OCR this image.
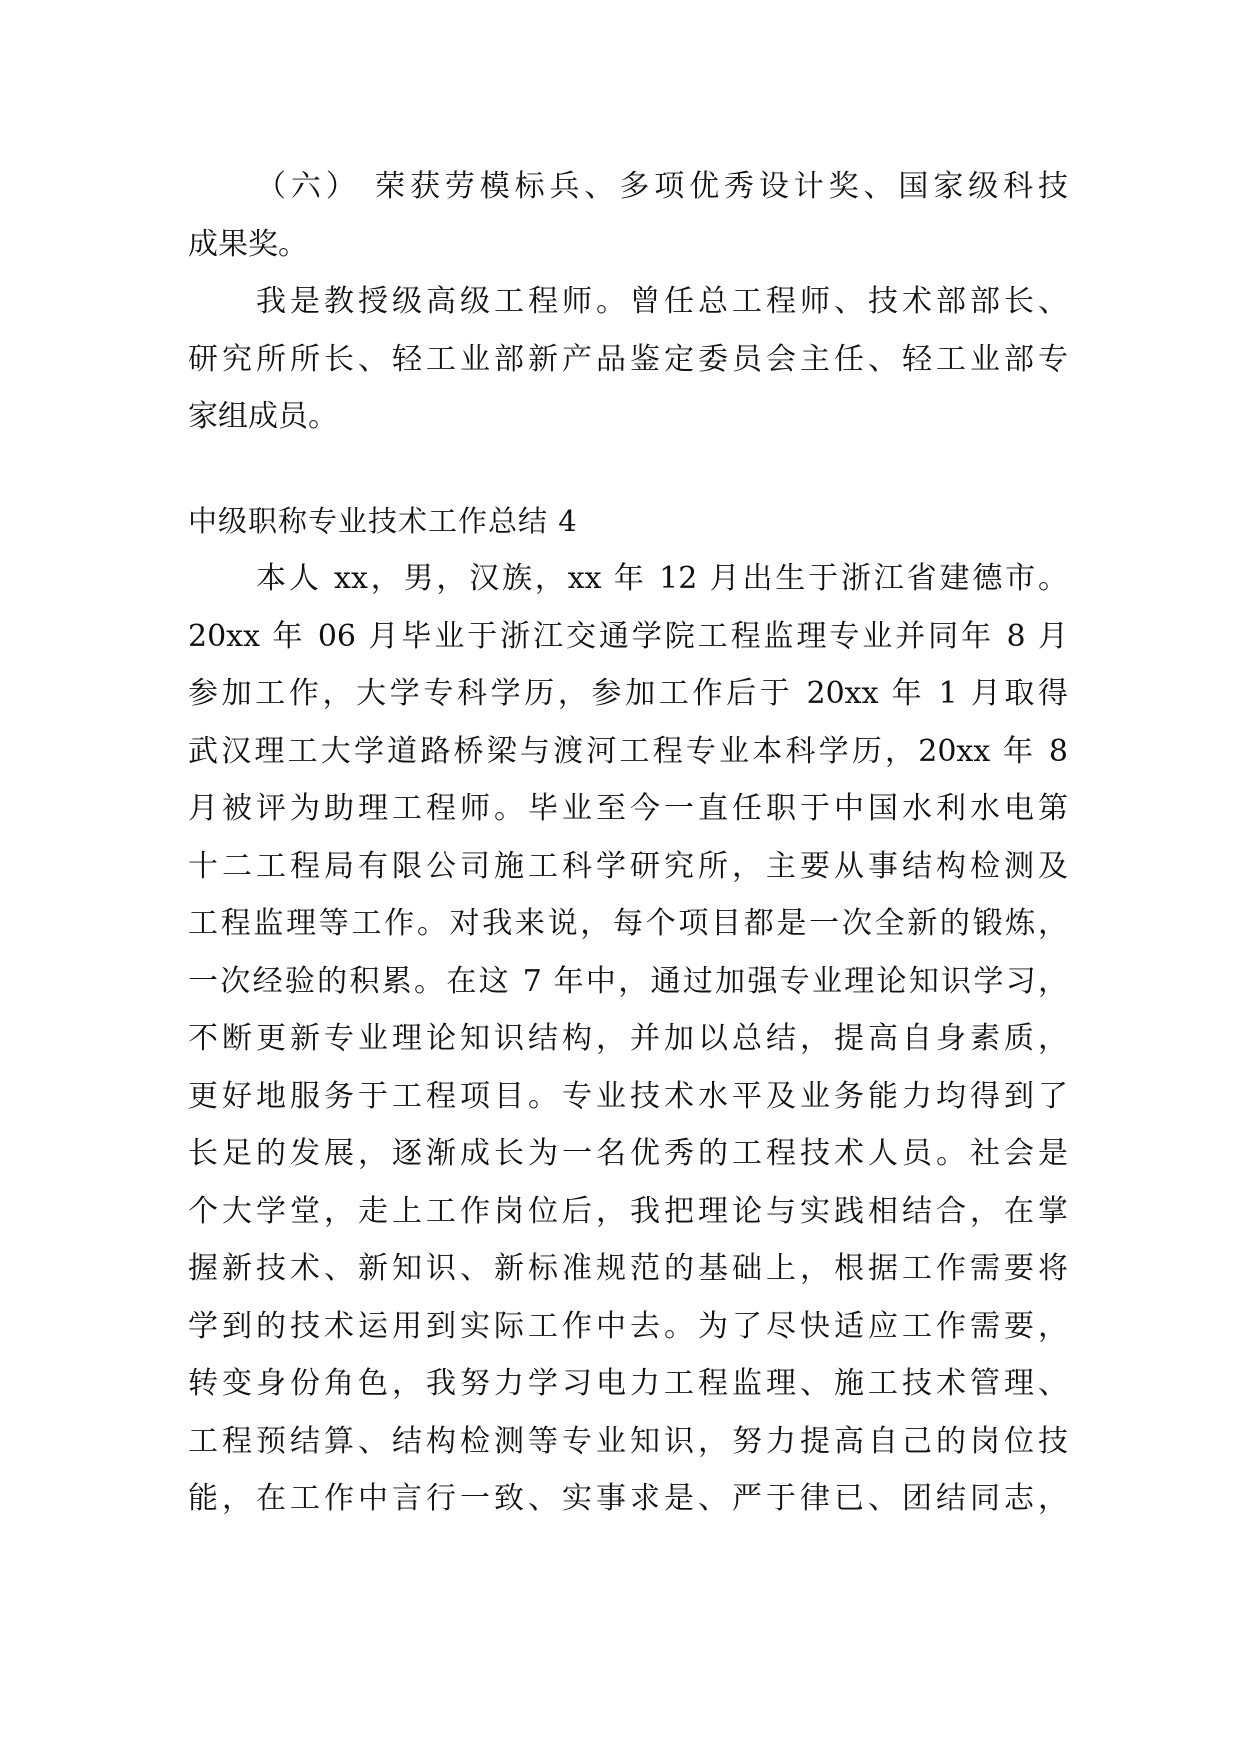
（六） 荣获劳模标兵、多项优秀设计奖、国家级科技
成果奖。
我是教授级高级工程师。曾任总工程师、技术部部长、
研究所所长、轻工业部新产品鉴定委员会主任、轻工业部专
家组成员。
中级职称专业技术工作总结 4
本人 xx，男，汉族，xx 年 12 月出生于浙江省建德市。
20xx 年 06 月毕业于浙江交通学院工程监理专业并同年 8 月
参加工作，大学专科学历，参加工作后于 20xx 年 1 月取得
武汉理工大学道路桥梁与渡河工程专业本科学历，20xx 年 8
月被评为助理工程师。毕业至今一直任职于中国水利水电第
十二工程局有限公司施工科学研究所，主要从事结构检测及
工程监理等工作。对我来说，每个项目都是一次全新的锻炼，
一次经验的积累。在这 7 年中，通过加强专业理论知识学习，
不断更新专业理论知识结构，并加以总结，提高自身素质，
更好地服务于工程项目。专业技术水平及业务能力均得到了
长足的发展，逐渐成长为一名优秀的工程技术人员。社会是
个大学堂，走上工作岗位后，我把理论与实践相结合，在掌
握新技术、新知识、新标准规范的基础上，根据工作需要将
学到的技术运用到实际工作中去。为了尽快适应工作需要，
转变身份角色，我努力学习电力工程监理、施工技术管理、
工程预结算、结构检测等专业知识，努力提高自己的岗位技
能，在工作中言行一致、实事求是、严于律已、团结同志，
